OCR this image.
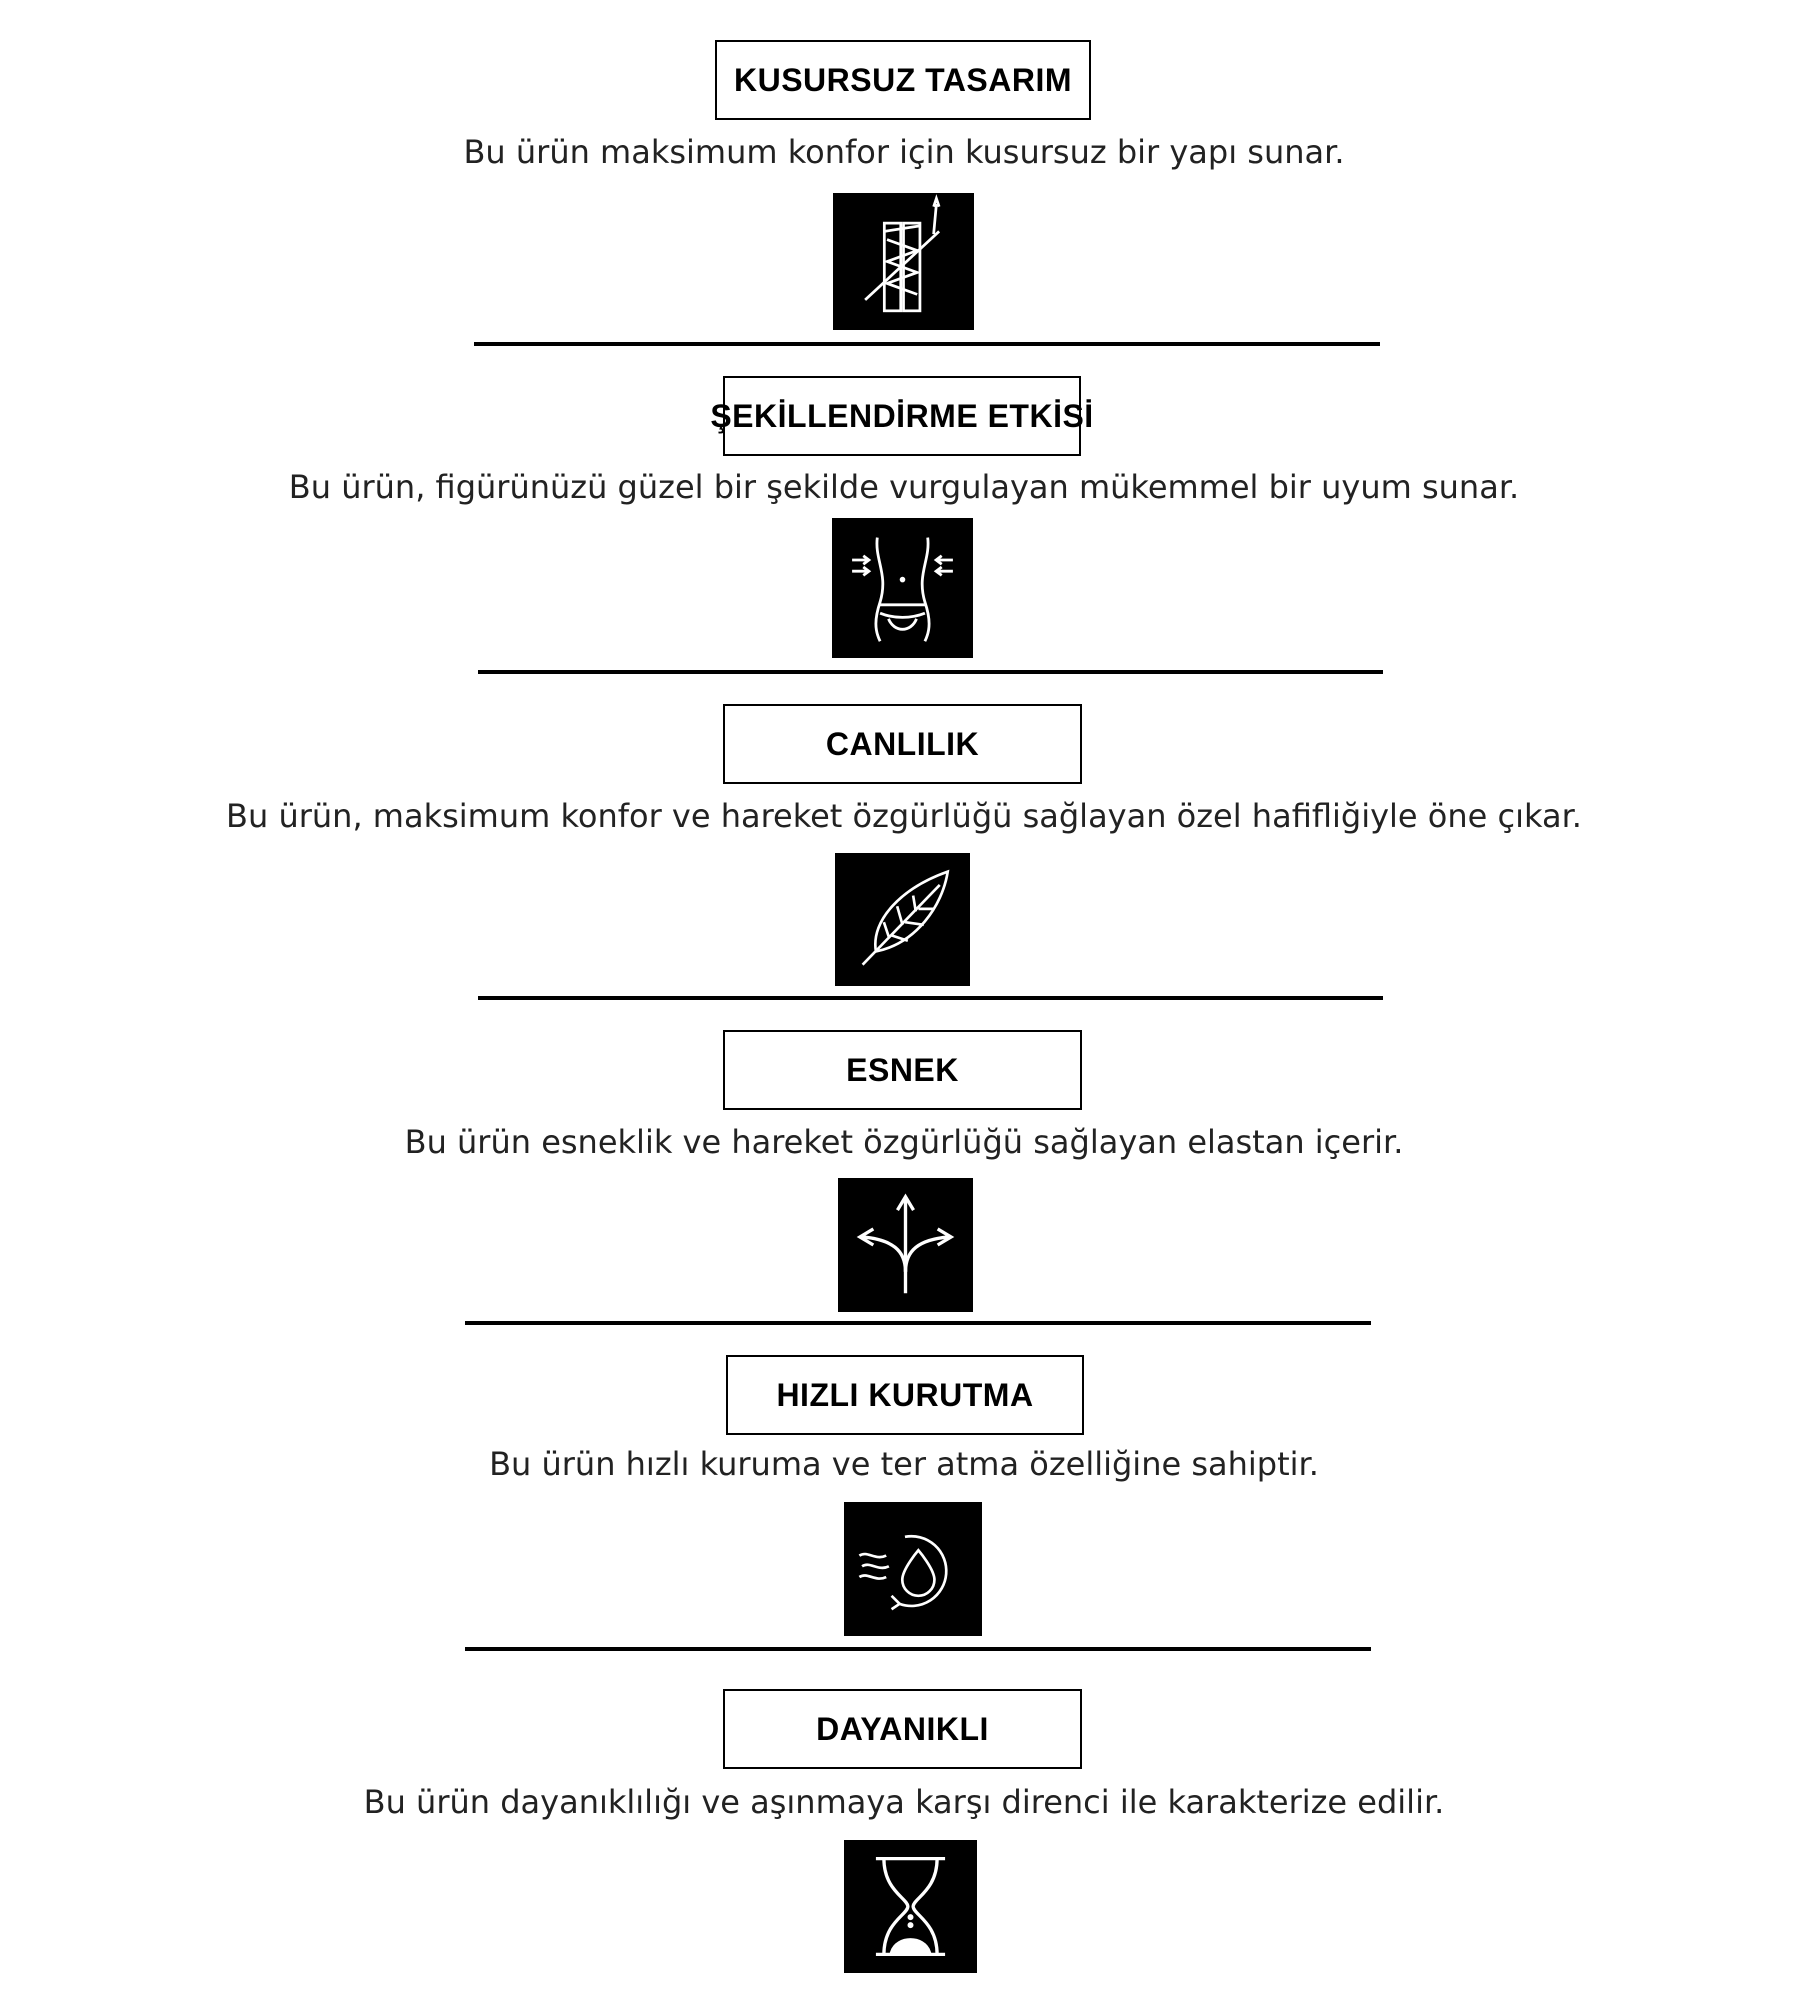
KUSURSUZ TASARIM
Bu ürün maksimum konfor için kusursuz bir yapı sunar.
ŞEKİLLENDİRME ETKİSİ
Bu ürün, figürünüzü güzel bir şekilde vurgulayan mükemmel bir uyum sunar.
CANLILIK
Bu ürün, maksimum konfor ve hareket özgürlüğü sağlayan özel hafifliğiyle öne çıkar.
ESNEK
Bu ürün esneklik ve hareket özgürlüğü sağlayan elastan içerir.
HIZLI KURUTMA
Bu ürün hızlı kuruma ve ter atma özelliğine sahiptir.
DAYANIKLI
Bu ürün dayanıklılığı ve aşınmaya karşı direnci ile karakterize edilir.
